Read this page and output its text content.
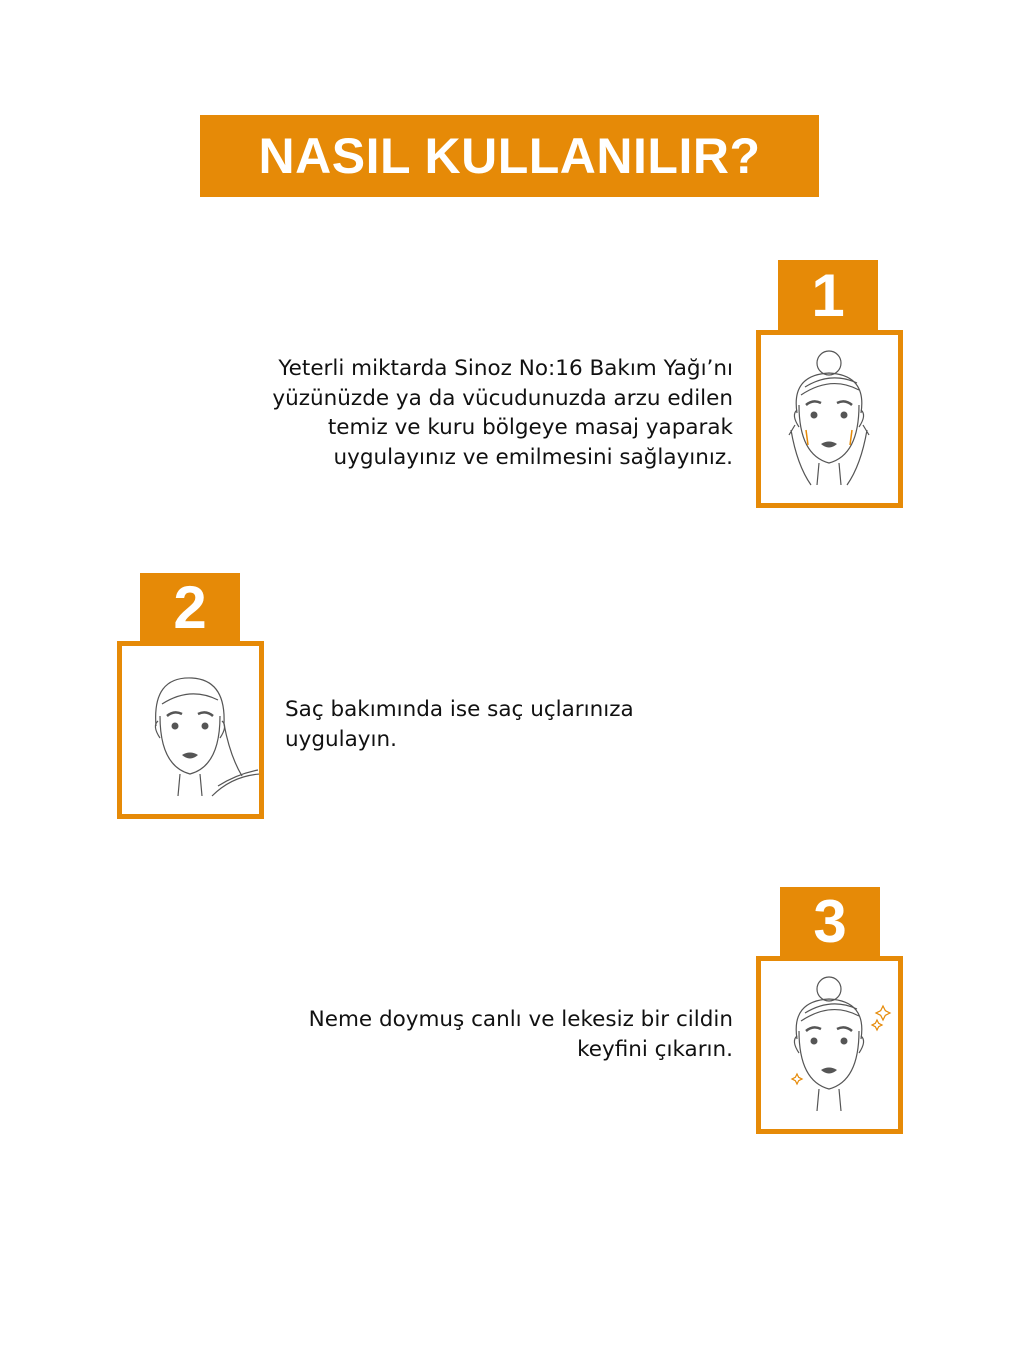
NASIL KULLANILIR?
1
Yeterli miktarda Sinoz No:16 Bakım Yağı’nı
yüzünüzde ya da vücudunuzda arzu edilen
temiz ve kuru bölgeye masaj yaparak
uygulayınız ve emilmesini sağlayınız.
2
Saç bakımında ise saç uçlarınıza
uygulayın.
3
Neme doymuş canlı ve lekesiz bir cildin
keyfini çıkarın.
